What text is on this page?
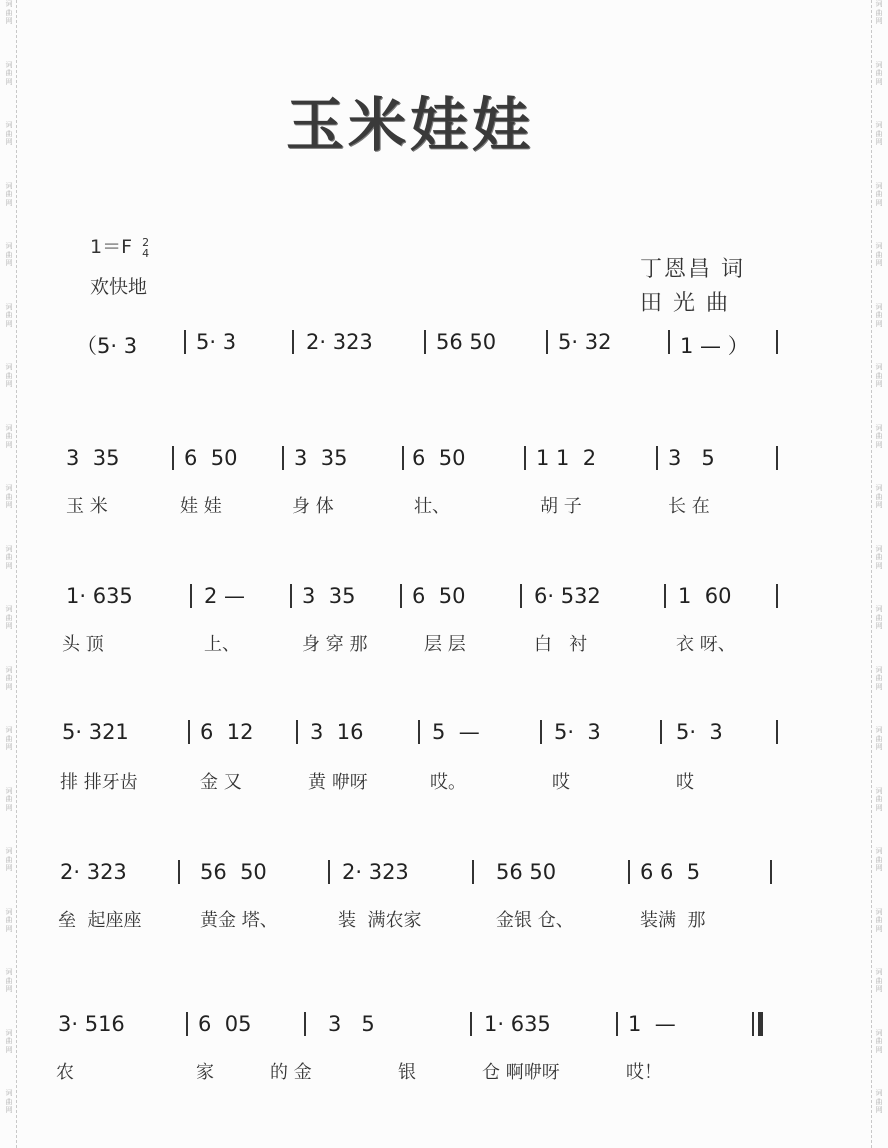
词
曲
网
词
曲
网
词
曲
网
词
曲
网
词
曲
网
词
曲
网
词
曲
网
词
曲
网
词
曲
网
词
曲
网
词
曲
网
词
曲
网
词
曲
网
词
曲
网
词
曲
网
词
曲
网
词
曲
网
词
曲
网
词
曲
网
词
曲
网
词
曲
网
词
曲
网
词
曲
网
词
曲
网
词
曲
网
词
曲
网
词
曲
网
词
曲
网
词
曲
网
词
曲
网
词
曲
网
词
曲
网
词
曲
网
词
曲
网
词
曲
网
词
曲
网
词
曲
网
词
曲
网
玉米娃娃
1＝F 2
4
欢快地
丁恩昌 词
田 光 曲
（5· 3	5· 3	2· 323	56 50	5· 32	1 — ）
3  35	6  50	3  35	6  50	1 1  2	3   5
玉 米	娃 娃	身 体	壮、	胡 子	长 在
1· 635	2 —	3  35	6  50	6· 532	1  60
头 顶	上、	身 穿 那	层 层	白   衬	衣 呀、
5· 321	6  12	3  16	5  —	5·  3	5·  3
排 排牙齿	金 又	黄 咿呀	哎。	哎	哎
2· 323	56  50	2· 323	56 50	6 6  5
垒  起座座	黄金 塔、	装  满农家	金银 仓、	装满  那
3· 516	6  05	3   5	1· 635	1  —
农	家	的 金	银	仓 啊咿呀	哎！
